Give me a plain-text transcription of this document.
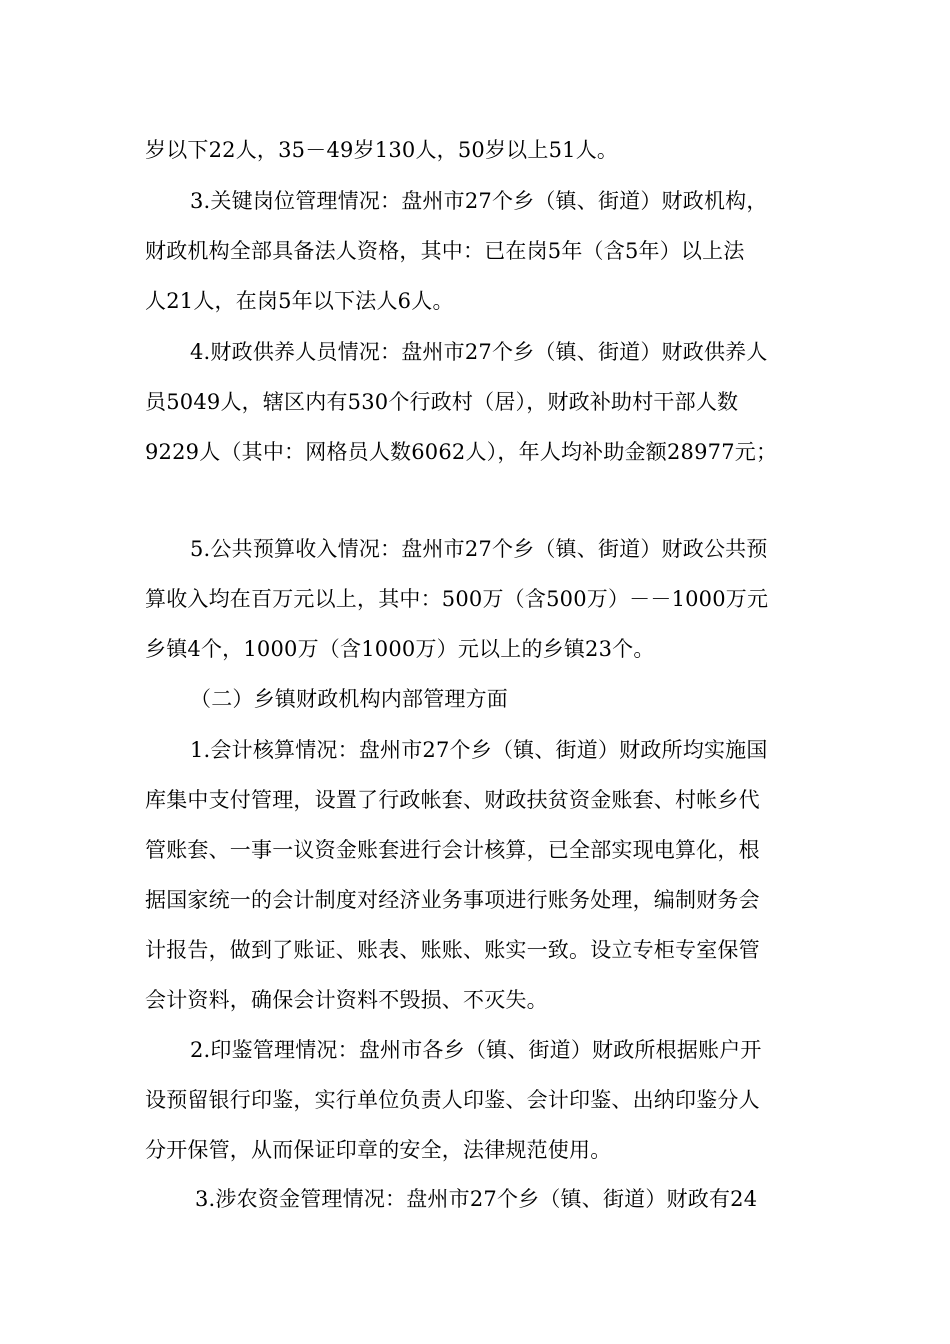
岁以下22人，35－49岁130人，50岁以上51人。
3.关键岗位管理情况：盘州市27个乡（镇、街道）财政机构，
财政机构全部具备法人资格，其中：已在岗5年（含5年）以上法
人21人，在岗5年以下法人6人。
4.财政供养人员情况：盘州市27个乡（镇、街道）财政供养人
员5049人，辖区内有530个行政村（居），财政补助村干部人数
9229人（其中：网格员人数6062人），年人均补助金额28977元；
5.公共预算收入情况：盘州市27个乡（镇、街道）财政公共预
算收入均在百万元以上，其中：500万（含500万）－－1000万元
乡镇4个，1000万（含1000万）元以上的乡镇23个。
（二）乡镇财政机构内部管理方面
1.会计核算情况：盘州市27个乡（镇、街道）财政所均实施国
库集中支付管理，设置了行政帐套、财政扶贫资金账套、村帐乡代
管账套、一事一议资金账套进行会计核算，已全部实现电算化，根
据国家统一的会计制度对经济业务事项进行账务处理，编制财务会
计报告，做到了账证、账表、账账、账实一致。设立专柜专室保管
会计资料，确保会计资料不毁损、不灭失。
2.印鉴管理情况：盘州市各乡（镇、街道）财政所根据账户开
设预留银行印鉴，实行单位负责人印鉴、会计印鉴、出纳印鉴分人
分开保管，从而保证印章的安全，法律规范使用。
3.涉农资金管理情况：盘州市27个乡（镇、街道）财政有24
